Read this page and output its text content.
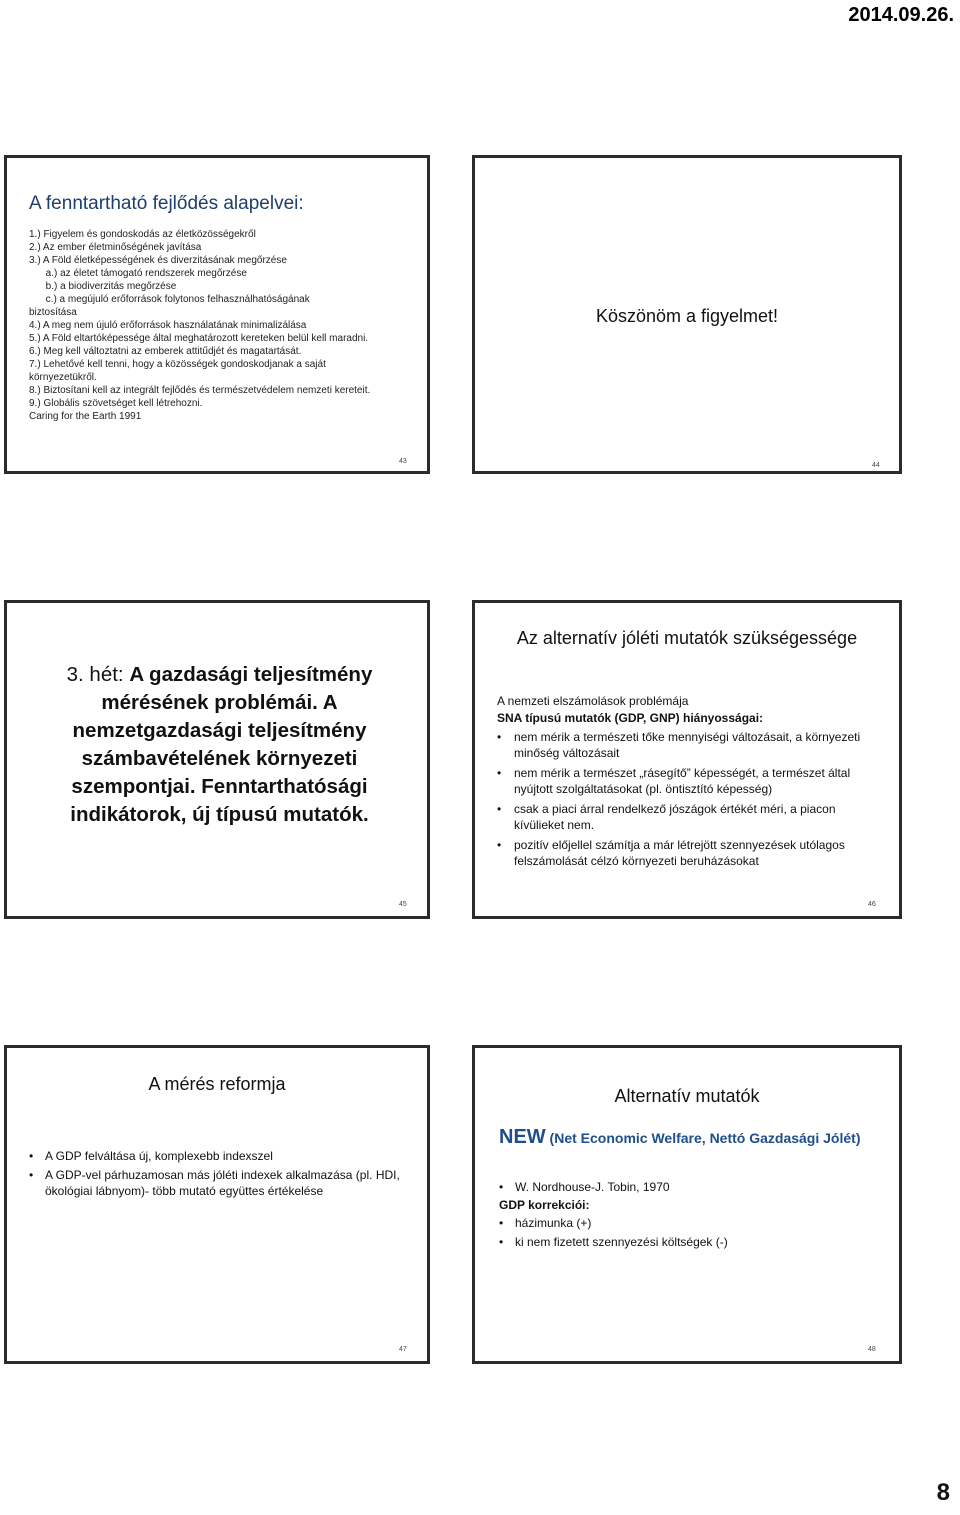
2014.09.26.
A fenntartható fejlődés alapelvei:
1.) Figyelem és gondoskodás az életközösségekről
2.) Az ember életminőségének javítása
3.) A Föld életképességének és diverzitásának megőrzése
a.) az életet támogató rendszerek megőrzése
b.) a biodiverzitás megőrzése
c.) a megújuló erőforrások folytonos felhasználhatóságának
biztosítása
4.) A meg nem újuló erőforrások használatának minimalizálása
5.) A Föld eltartóképessége által meghatározott kereteken belül kell maradni.
6.) Meg kell változtatni az emberek attitűdjét és magatartását.
7.) Lehetővé kell tenni, hogy a közösségek gondoskodjanak a saját
környezetükről.
8.) Biztosítani kell az integrált fejlődés és természetvédelem nemzeti kereteit.
9.) Globális szövetséget kell létrehozni.
Caring for the Earth 1991
43
Köszönöm a figyelmet!
44
3. hét: A gazdasági teljesítmény mérésének problémái. A nemzetgazdasági teljesítmény számbavételének környezeti szempontjai. Fenntarthatósági indikátorok, új típusú mutatók.
45
Az alternatív jóléti mutatók szükségessége
A nemzeti elszámolások problémája
SNA típusú mutatók (GDP, GNP) hiányosságai:
• nem mérik a természeti tőke mennyiségi változásait, a környezeti minőség változásait
• nem mérik a természet „rásegítő” képességét, a természet által nyújtott szolgáltatásokat (pl. öntisztító képesség)
• csak a piaci árral rendelkező jószágok értékét méri, a piacon kívülieket nem.
• pozitív előjellel számítja a már létrejött szennyezések utólagos felszámolását célzó környezeti beruházásokat
46
A mérés reformja
• A GDP felváltása új, komplexebb indexszel
• A GDP-vel párhuzamosan más jóléti indexek alkalmazása (pl. HDI, ökológiai lábnyom)- több mutató együttes értékelése
47
Alternatív mutatók
NEW (Net Economic Welfare, Nettó Gazdasági Jólét)
• W. Nordhouse-J. Tobin, 1970
GDP korrekciói:
• házimunka (+)
• ki nem fizetett szennyezési költségek (-)
48
8
